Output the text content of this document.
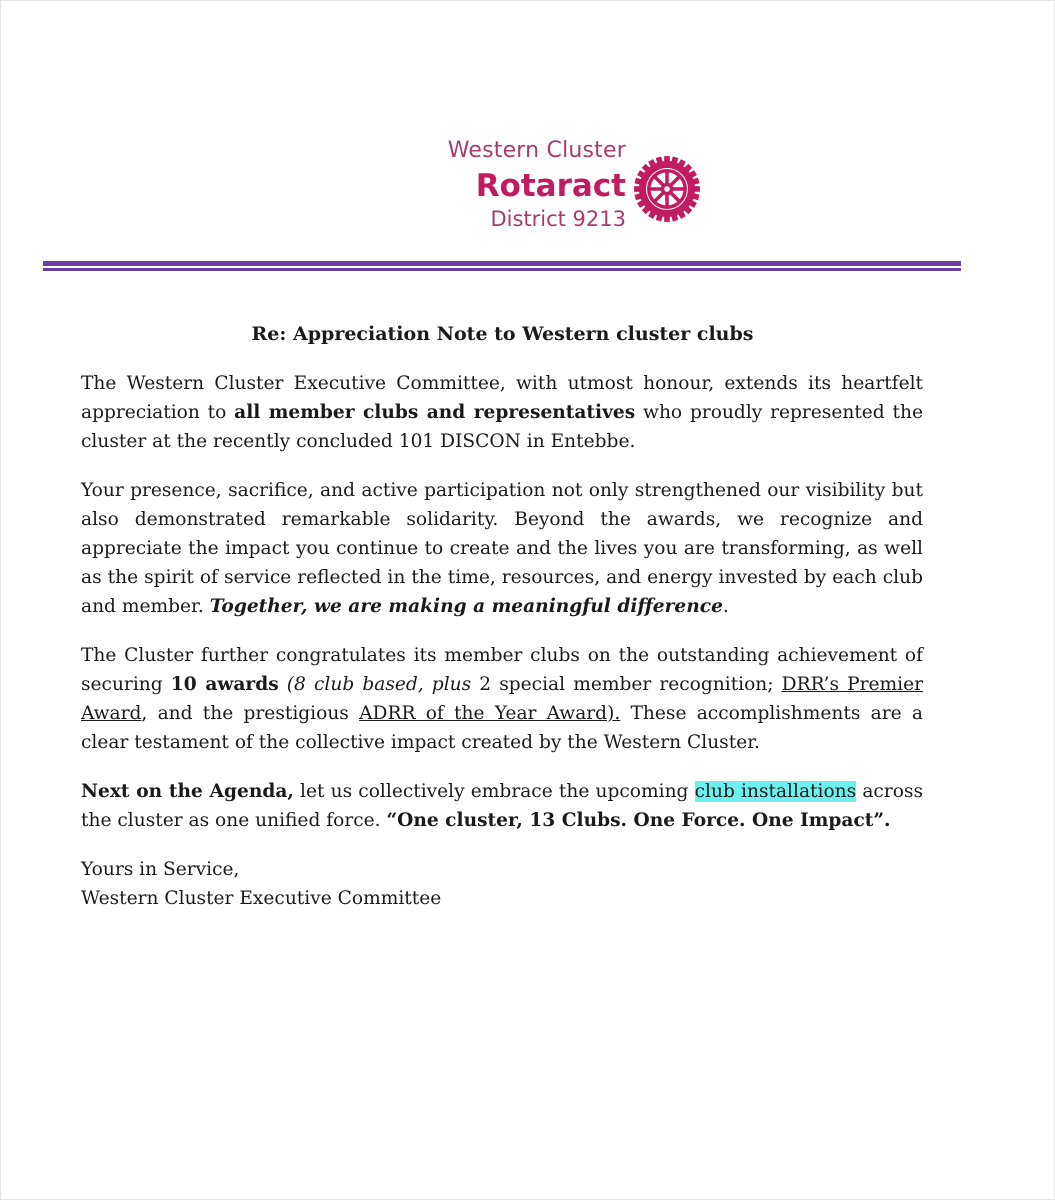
Western Cluster
Rotaract
District 9213
Re: Appreciation Note to Western cluster clubs

The Western Cluster Executive Committee, with utmost honour, extends its heartfelt appreciation to all member clubs and representatives who proudly represented the cluster at the recently concluded 101 DISCON in Entebbe.

Your presence, sacrifice, and active participation not only strengthened our visibility but also demonstrated remarkable solidarity. Beyond the awards, we recognize and appreciate the impact you continue to create and the lives you are transforming, as well as the spirit of service reflected in the time, resources, and energy invested by each club and member. Together, we are making a meaningful difference.

The Cluster further congratulates its member clubs on the outstanding achievement of securing 10 awards (8 club based, plus 2 special member recognition; DRR’s Premier Award, and the prestigious ADRR of the Year Award). These accomplishments are a clear testament of the collective impact created by the Western Cluster.

Next on the Agenda, let us collectively embrace the upcoming club installations across the cluster as one unified force. “One cluster, 13 Clubs. One Force. One Impact”.

Yours in Service,

Western Cluster Executive Committee
